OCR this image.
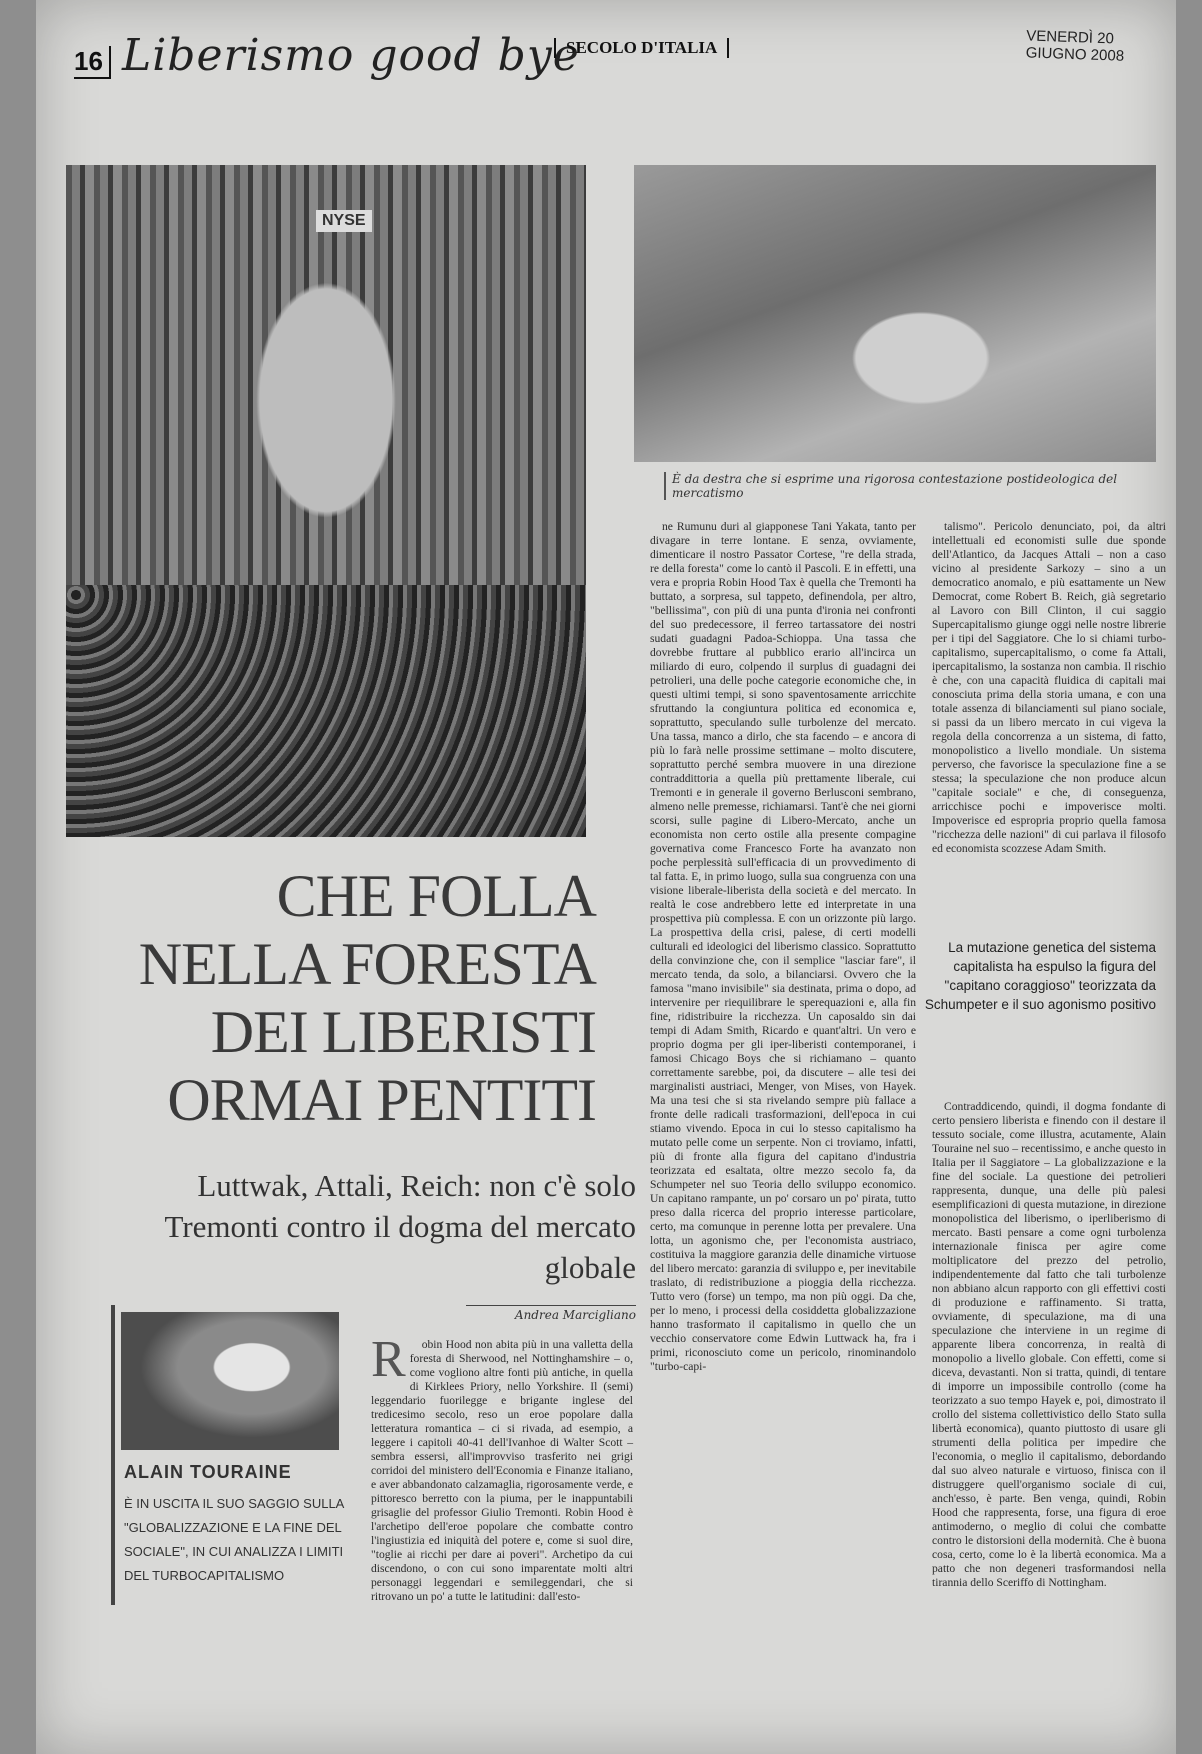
16 Liberismo good bye
SECOLO D'ITALIA
VENERDÌ 20 GIUGNO 2008
NYSE
È da destra che si esprime una rigorosa contestazione postideologica del mercatismo
CHE FOLLA
NELLA FORESTA
DEI LIBERISTI
ORMAI PENTITI
Luttwak, Attali, Reich: non c'è solo Tremonti contro il dogma del mercato globale
Andrea Marcigliano
ALAIN TOURAINE
È IN USCITA IL SUO SAGGIO SULLA "GLOBALIZZAZIONE E LA FINE DEL SOCIALE", IN CUI ANALIZZA I LIMITI DEL TURBOCAPITALISMO
La mutazione genetica del sistema capitalista ha espulso la figura del "capitano coraggioso" teorizzata da Schumpeter e il suo agonismo positivo
R	obin Hood non abita più in una valletta della foresta di Sherwood, nel Nottinghamshire – o, come vogliono altre fonti più antiche, in quella di Kirklees Priory, nello Yorkshire. Il (semi) leggendario fuorilegge e brigante inglese del tredicesimo secolo, reso un eroe popolare dalla letteratura romantica – ci si rivada, ad esempio, a leggere i capitoli 40-41 dell'Ivanhoe di Walter Scott – sembra essersi, all'improvviso trasferito nei grigi corridoi del ministero dell'Economia e Finanze italiano, e aver abbandonato calzamaglia, rigorosamente verde, e pittoresco berretto con la piuma, per le inappuntabili grisaglie del professor Giulio Tremonti. Robin Hood è l'archetipo dell'eroe popolare che combatte contro l'ingiustizia ed iniquità del potere e, come si suol dire, "toglie ai ricchi per dare ai poveri". Archetipo da cui discendono, o con cui sono imparentate molti altri personaggi leggendari e semileggendari, che si ritrovano un po' a tutte le latitudini: dall'esto-

ne Rumunu duri al giapponese Tani Yakata, tanto per divagare in terre lontane. E senza, ovviamente, dimenticare il nostro Passator Cortese, "re della strada, re della foresta" come lo cantò il Pascoli. E in effetti, una vera e propria Robin Hood Tax è quella che Tremonti ha buttato, a sorpresa, sul tappeto, definendola, per altro, "bellissima", con più di una punta d'ironia nei confronti del suo predecessore, il ferreo tartassatore dei nostri sudati guadagni Padoa-Schioppa. Una tassa che dovrebbe fruttare al pubblico erario all'incirca un miliardo di euro, colpendo il surplus di guadagni dei petrolieri, una delle poche categorie economiche che, in questi ultimi tempi, si sono spaventosamente arricchite sfruttando la congiuntura politica ed economica e, soprattutto, speculando sulle turbolenze del mercato. Una tassa, manco a dirlo, che sta facendo – e ancora di più lo farà nelle prossime settimane – molto discutere, soprattutto perché sembra muovere in una direzione contraddittoria a quella più prettamente liberale, cui Tremonti e in generale il governo Berlusconi sembrano, almeno nelle premesse, richiamarsi. Tant'è che nei giorni scorsi, sulle pagine di Libero-Mercato, anche un economista non certo ostile alla presente compagine governativa come Francesco Forte ha avanzato non poche perplessità sull'efficacia di un provvedimento di tal fatta. E, in primo luogo, sulla sua congruenza con una visione liberale-liberista della società e del mercato. In realtà le cose andrebbero lette ed interpretate in una prospettiva più complessa. E con un orizzonte più largo. La prospettiva della crisi, palese, di certi modelli culturali ed ideologici del liberismo classico. Soprattutto della convinzione che, con il semplice "lasciar fare", il mercato tenda, da solo, a bilanciarsi. Ovvero che la famosa "mano invisibile" sia destinata, prima o dopo, ad intervenire per riequilibrare le sperequazioni e, alla fin fine, ridistribuire la ricchezza. Un caposaldo sin dai tempi di Adam Smith, Ricardo e quant'altri. Un vero e proprio dogma per gli iper-liberisti contemporanei, i famosi Chicago Boys che si richiamano – quanto correttamente sarebbe, poi, da discutere – alle tesi dei marginalisti austriaci, Menger, von Mises, von Hayek. Ma una tesi che si sta rivelando sempre più fallace a fronte delle radicali trasformazioni, dell'epoca in cui stiamo vivendo. Epoca in cui lo stesso capitalismo ha mutato pelle come un serpente. Non ci troviamo, infatti, più di fronte alla figura del capitano d'industria teorizzata ed esaltata, oltre mezzo secolo fa, da Schumpeter nel suo Teoria dello sviluppo economico. Un capitano rampante, un po' corsaro un po' pirata, tutto preso dalla ricerca del proprio interesse particolare, certo, ma comunque in perenne lotta per prevalere. Una lotta, un agonismo che, per l'economista austriaco, costituiva la maggiore garanzia delle dinamiche virtuose del libero mercato: garanzia di sviluppo e, per inevitabile traslato, di redistribuzione a pioggia della ricchezza. Tutto vero (forse) un tempo, ma non più oggi. Da che, per lo meno, i processi della cosiddetta globalizzazione hanno trasformato il capitalismo in quello che un vecchio conservatore come Edwin Luttwack ha, fra i primi, riconosciuto come un pericolo, rinominandolo "turbo-capi-

talismo". Pericolo denunciato, poi, da altri intellettuali ed economisti sulle due sponde dell'Atlantico, da Jacques Attali – non a caso vicino al presidente Sarkozy – sino a un democratico anomalo, e più esattamente un New Democrat, come Robert B. Reich, già segretario al Lavoro con Bill Clinton, il cui saggio Supercapitalismo giunge oggi nelle nostre librerie per i tipi del Saggiatore. Che lo si chiami turbo-capitalismo, supercapitalismo, o come fa Attali, ipercapitalismo, la sostanza non cambia. Il rischio è che, con una capacità fluidica di capitali mai conosciuta prima della storia umana, e con una totale assenza di bilanciamenti sul piano sociale, si passi da un libero mercato in cui vigeva la regola della concorrenza a un sistema, di fatto, monopolistico a livello mondiale. Un sistema perverso, che favorisce la speculazione fine a se stessa; la speculazione che non produce alcun "capitale sociale" e che, di conseguenza, arricchisce pochi e impoverisce molti. Impoverisce ed espropria proprio quella famosa "ricchezza delle nazioni" di cui parlava il filosofo ed economista scozzese Adam Smith.

Contraddicendo, quindi, il dogma fondante di certo pensiero liberista e finendo con il destare il tessuto sociale, come illustra, acutamente, Alain Touraine nel suo – recentissimo, e anche questo in Italia per il Saggiatore – La globalizzazione e la fine del sociale. La questione dei petrolieri rappresenta, dunque, una delle più palesi esemplificazioni di questa mutazione, in direzione monopolistica del liberismo, o iperliberismo di mercato. Basti pensare a come ogni turbolenza internazionale finisca per agire come moltiplicatore del prezzo del petrolio, indipendentemente dal fatto che tali turbolenze non abbiano alcun rapporto con gli effettivi costi di produzione e raffinamento. Si tratta, ovviamente, di speculazione, ma di una speculazione che interviene in un regime di apparente libera concorrenza, in realtà di monopolio a livello globale. Con effetti, come si diceva, devastanti. Non si tratta, quindi, di tentare di imporre un impossibile controllo (come ha teorizzato a suo tempo Hayek e, poi, dimostrato il crollo del sistema collettivistico dello Stato sulla libertà economica), quanto piuttosto di usare gli strumenti della politica per impedire che l'economia, o meglio il capitalismo, debordando dal suo alveo naturale e virtuoso, finisca con il distruggere quell'organismo sociale di cui, anch'esso, è parte. Ben venga, quindi, Robin Hood che rappresenta, forse, una figura di eroe antimoderno, o meglio di colui che combatte contro le distorsioni della modernità. Che è buona cosa, certo, come lo è la libertà economica. Ma a patto che non degeneri trasformandosi nella tirannia dello Sceriffo di Nottingham.
